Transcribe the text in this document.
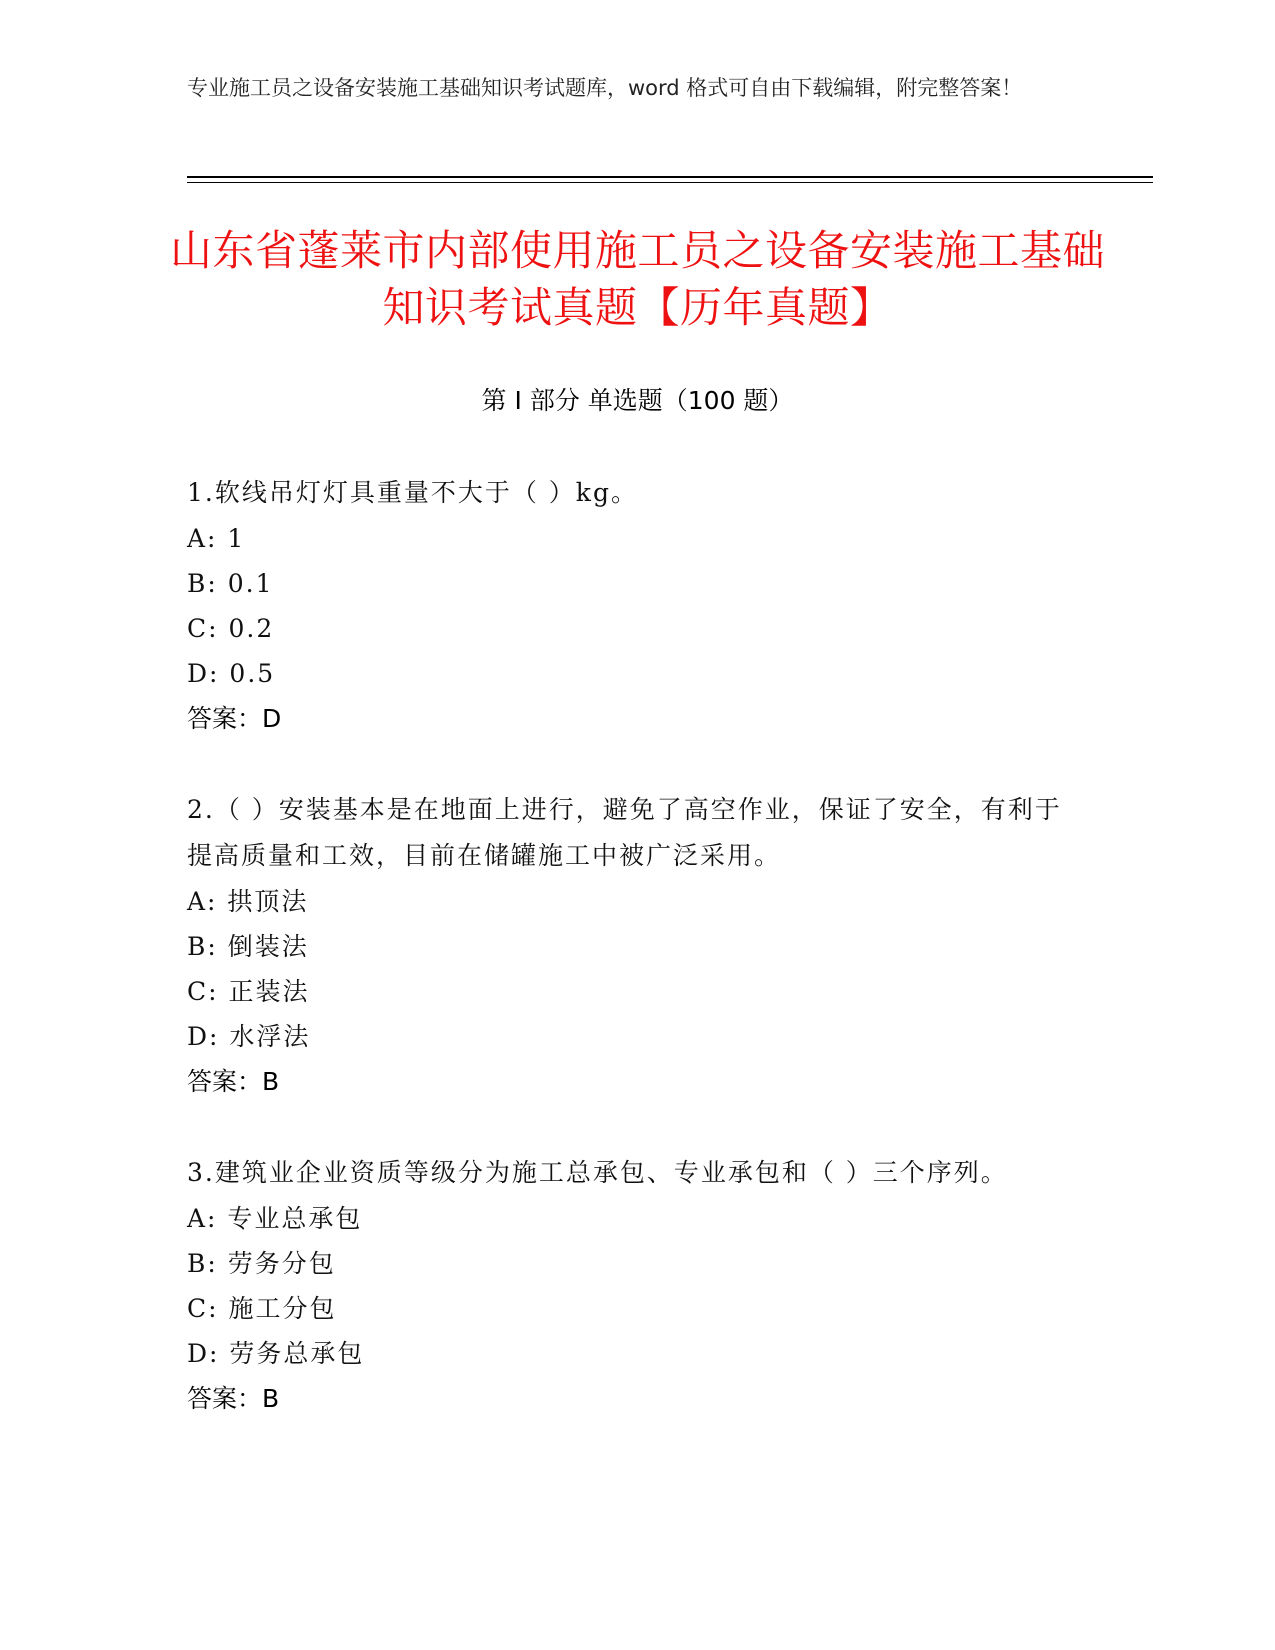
专业施工员之设备安装施工基础知识考试题库，word 格式可自由下载编辑，附完整答案！
山东省蓬莱市内部使用施工员之设备安装施工基础知识考试真题【历年真题】
第 I 部分 单选题（100 题）

1.软线吊灯灯具重量不大于（ ）kg。

A: 1

B: 0.1

C: 0.2

D: 0.5

答案：D

2.（ ）安装基本是在地面上进行，避免了高空作业，保证了安全，有利于提高质量和工效，目前在储罐施工中被广泛采用。

A: 拱顶法

B: 倒装法

C: 正装法

D: 水浮法

答案：B

3.建筑业企业资质等级分为施工总承包、专业承包和（ ）三个序列。

A: 专业总承包

B: 劳务分包

C: 施工分包

D: 劳务总承包

答案：B
